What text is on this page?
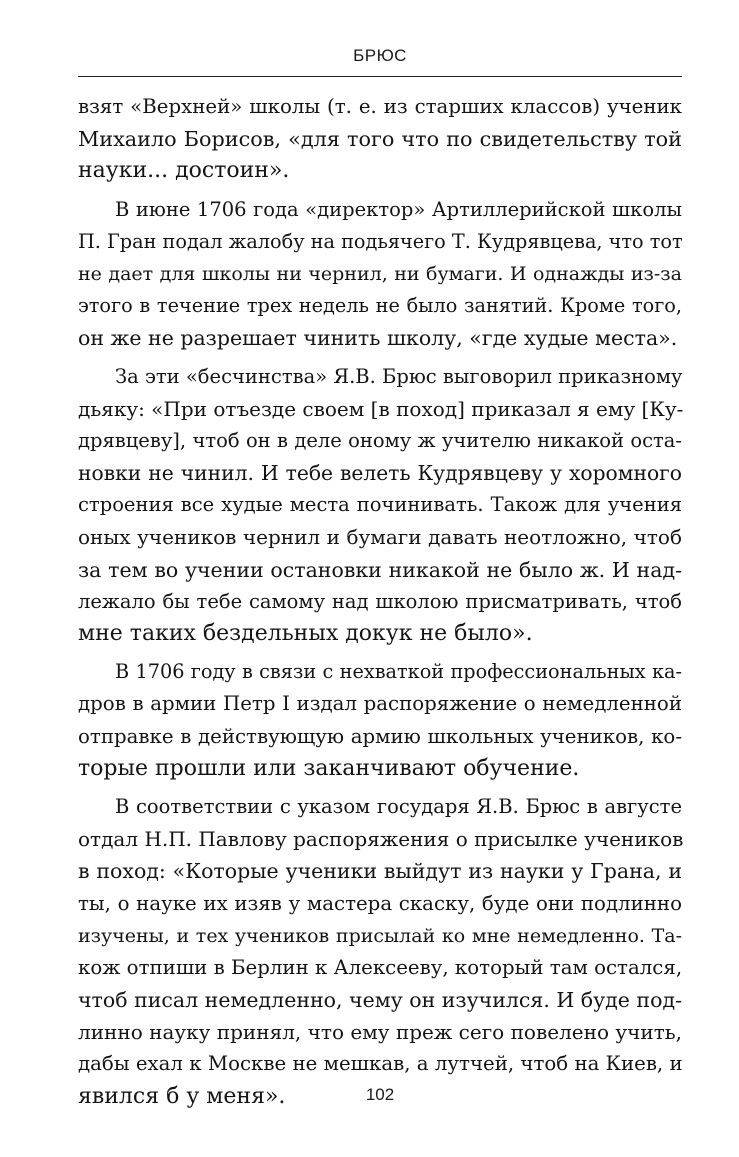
БРЮС
взят «Верхней» школы (т. е. из старших классов) ученик
Михаило Борисов, «для того что по свидетельству той
науки... достоин».
В июне 1706 года «директор» Артиллерийской школы
П. Гран подал жалобу на подьячего Т. Кудрявцева, что тот
не дает для школы ни чернил, ни бумаги. И однажды из-за
этого в течение трех недель не было занятий. Кроме того,
он же не разрешает чинить школу, «где худые места».
За эти «бесчинства» Я.В. Брюс выговорил приказному
дьяку: «При отъезде своем [в поход] приказал я ему [Ку-
дрявцеву], чтоб он в деле оному ж учителю никакой оста-
новки не чинил. И тебе велеть Кудрявцеву у хоромного
строения все худые места починивать. Також для учения
оных учеников чернил и бумаги давать неотложно, чтоб
за тем во учении остановки никакой не было ж. И над-
лежало бы тебе самому над школою присматривать, чтоб
мне таких бездельных докук не было».
В 1706 году в связи с нехваткой профессиональных ка-
дров в армии Петр I издал распоряжение о немедленной
отправке в действующую армию школьных учеников, ко-
торые прошли или заканчивают обучение.
В соответствии с указом государя Я.В. Брюс в августе
отдал Н.П. Павлову распоряжения о присылке учеников
в поход: «Которые ученики выйдут из науки у Грана, и
ты, о науке их изяв у мастера скаску, буде они подлинно
изучены, и тех учеников присылай ко мне немедленно. Та-
кож отпиши в Берлин к Алексееву, который там остался,
чтоб писал немедленно, чему он изучился. И буде под-
линно науку принял, что ему преж сего повелено учить,
дабы ехал к Москве не мешкав, а лутчей, чтоб на Киев, и
явился б у меня».	102
